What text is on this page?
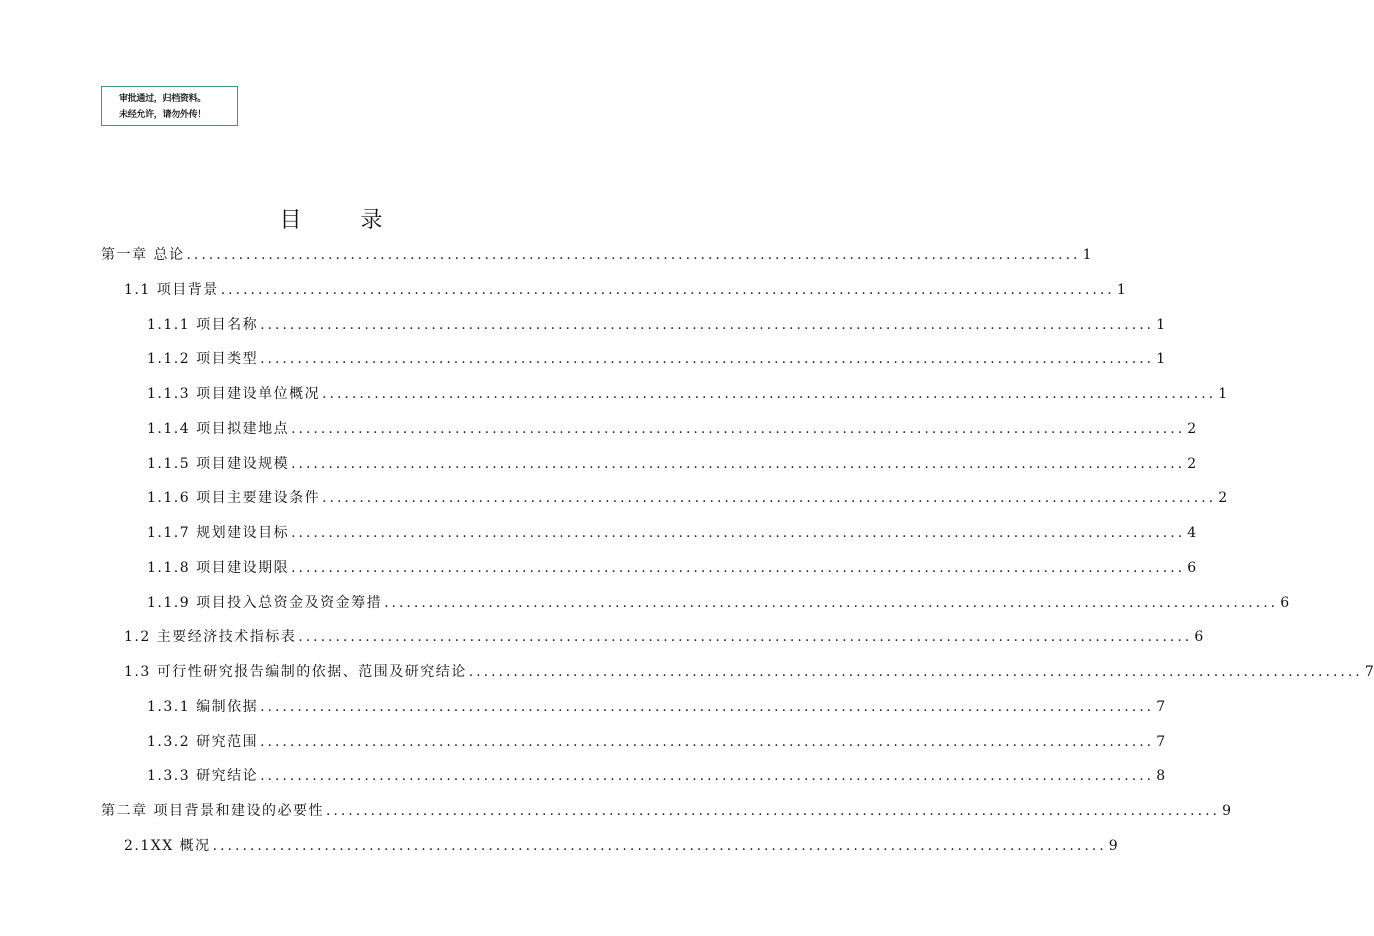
审批通过，归档资料。
未经允许，请勿外传！
目 录
第一章 总论 ........................................................................................................................ 1
1.1 项目背景 ........................................................................................................................ 1
1.1.1 项目名称 ........................................................................................................................ 1
1.1.2 项目类型 ........................................................................................................................ 1
1.1.3 项目建设单位概况 ........................................................................................................................ 1
1.1.4 项目拟建地点 ........................................................................................................................ 2
1.1.5 项目建设规模 ........................................................................................................................ 2
1.1.6 项目主要建设条件 ........................................................................................................................ 2
1.1.7 规划建设目标 ........................................................................................................................ 4
1.1.8 项目建设期限 ........................................................................................................................ 6
1.1.9 项目投入总资金及资金筹措 ........................................................................................................................ 6
1.2 主要经济技术指标表 ........................................................................................................................ 6
1.3 可行性研究报告编制的依据、范围及研究结论 ........................................................................................................................ 7
1.3.1 编制依据 ........................................................................................................................ 7
1.3.2 研究范围 ........................................................................................................................ 7
1.3.3 研究结论 ........................................................................................................................ 8
第二章 项目背景和建设的必要性 ........................................................................................................................ 9
2.1XX 概况 ........................................................................................................................ 9
